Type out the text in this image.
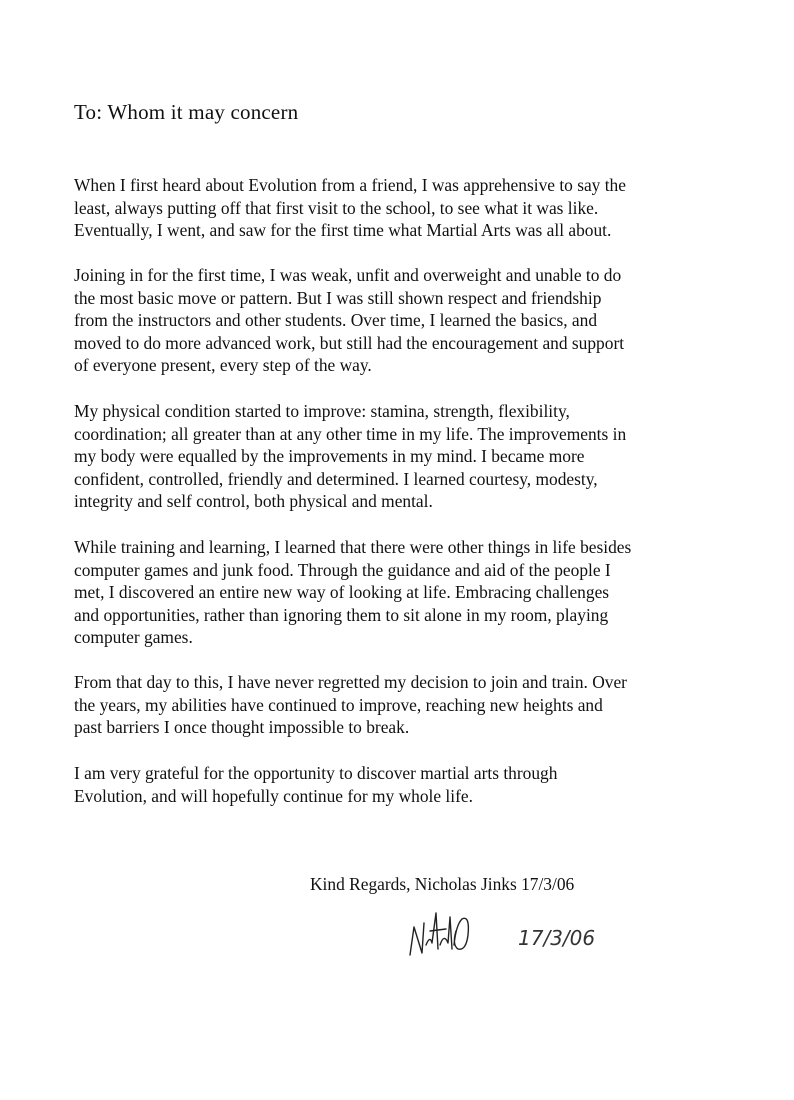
To: Whom it may concern

When I first heard about Evolution from a friend, I was apprehensive to say the
least, always putting off that first visit to the school, to see what it was like.
Eventually, I went, and saw for the first time what Martial Arts was all about.

Joining in for the first time, I was weak, unfit and overweight and unable to do
the most basic move or pattern. But I was still shown respect and friendship
from the instructors and other students. Over time, I learned the basics, and
moved to do more advanced work, but still had the encouragement and support
of everyone present, every step of the way.

My physical condition started to improve: stamina, strength, flexibility,
coordination; all greater than at any other time in my life. The improvements in
my body were equalled by the improvements in my mind. I became more
confident, controlled, friendly and determined. I learned courtesy, modesty,
integrity and self control, both physical and mental.

While training and learning, I learned that there were other things in life besides
computer games and junk food. Through the guidance and aid of the people I
met, I discovered an entire new way of looking at life. Embracing challenges
and opportunities, rather than ignoring them to sit alone in my room, playing
computer games.

From that day to this, I have never regretted my decision to join and train. Over
the years, my abilities have continued to improve, reaching new heights and
past barriers I once thought impossible to break.

I am very grateful for the opportunity to discover martial arts through
Evolution, and will hopefully continue for my whole life.

Kind Regards, Nicholas Jinks 17/3/06
17/3/06
